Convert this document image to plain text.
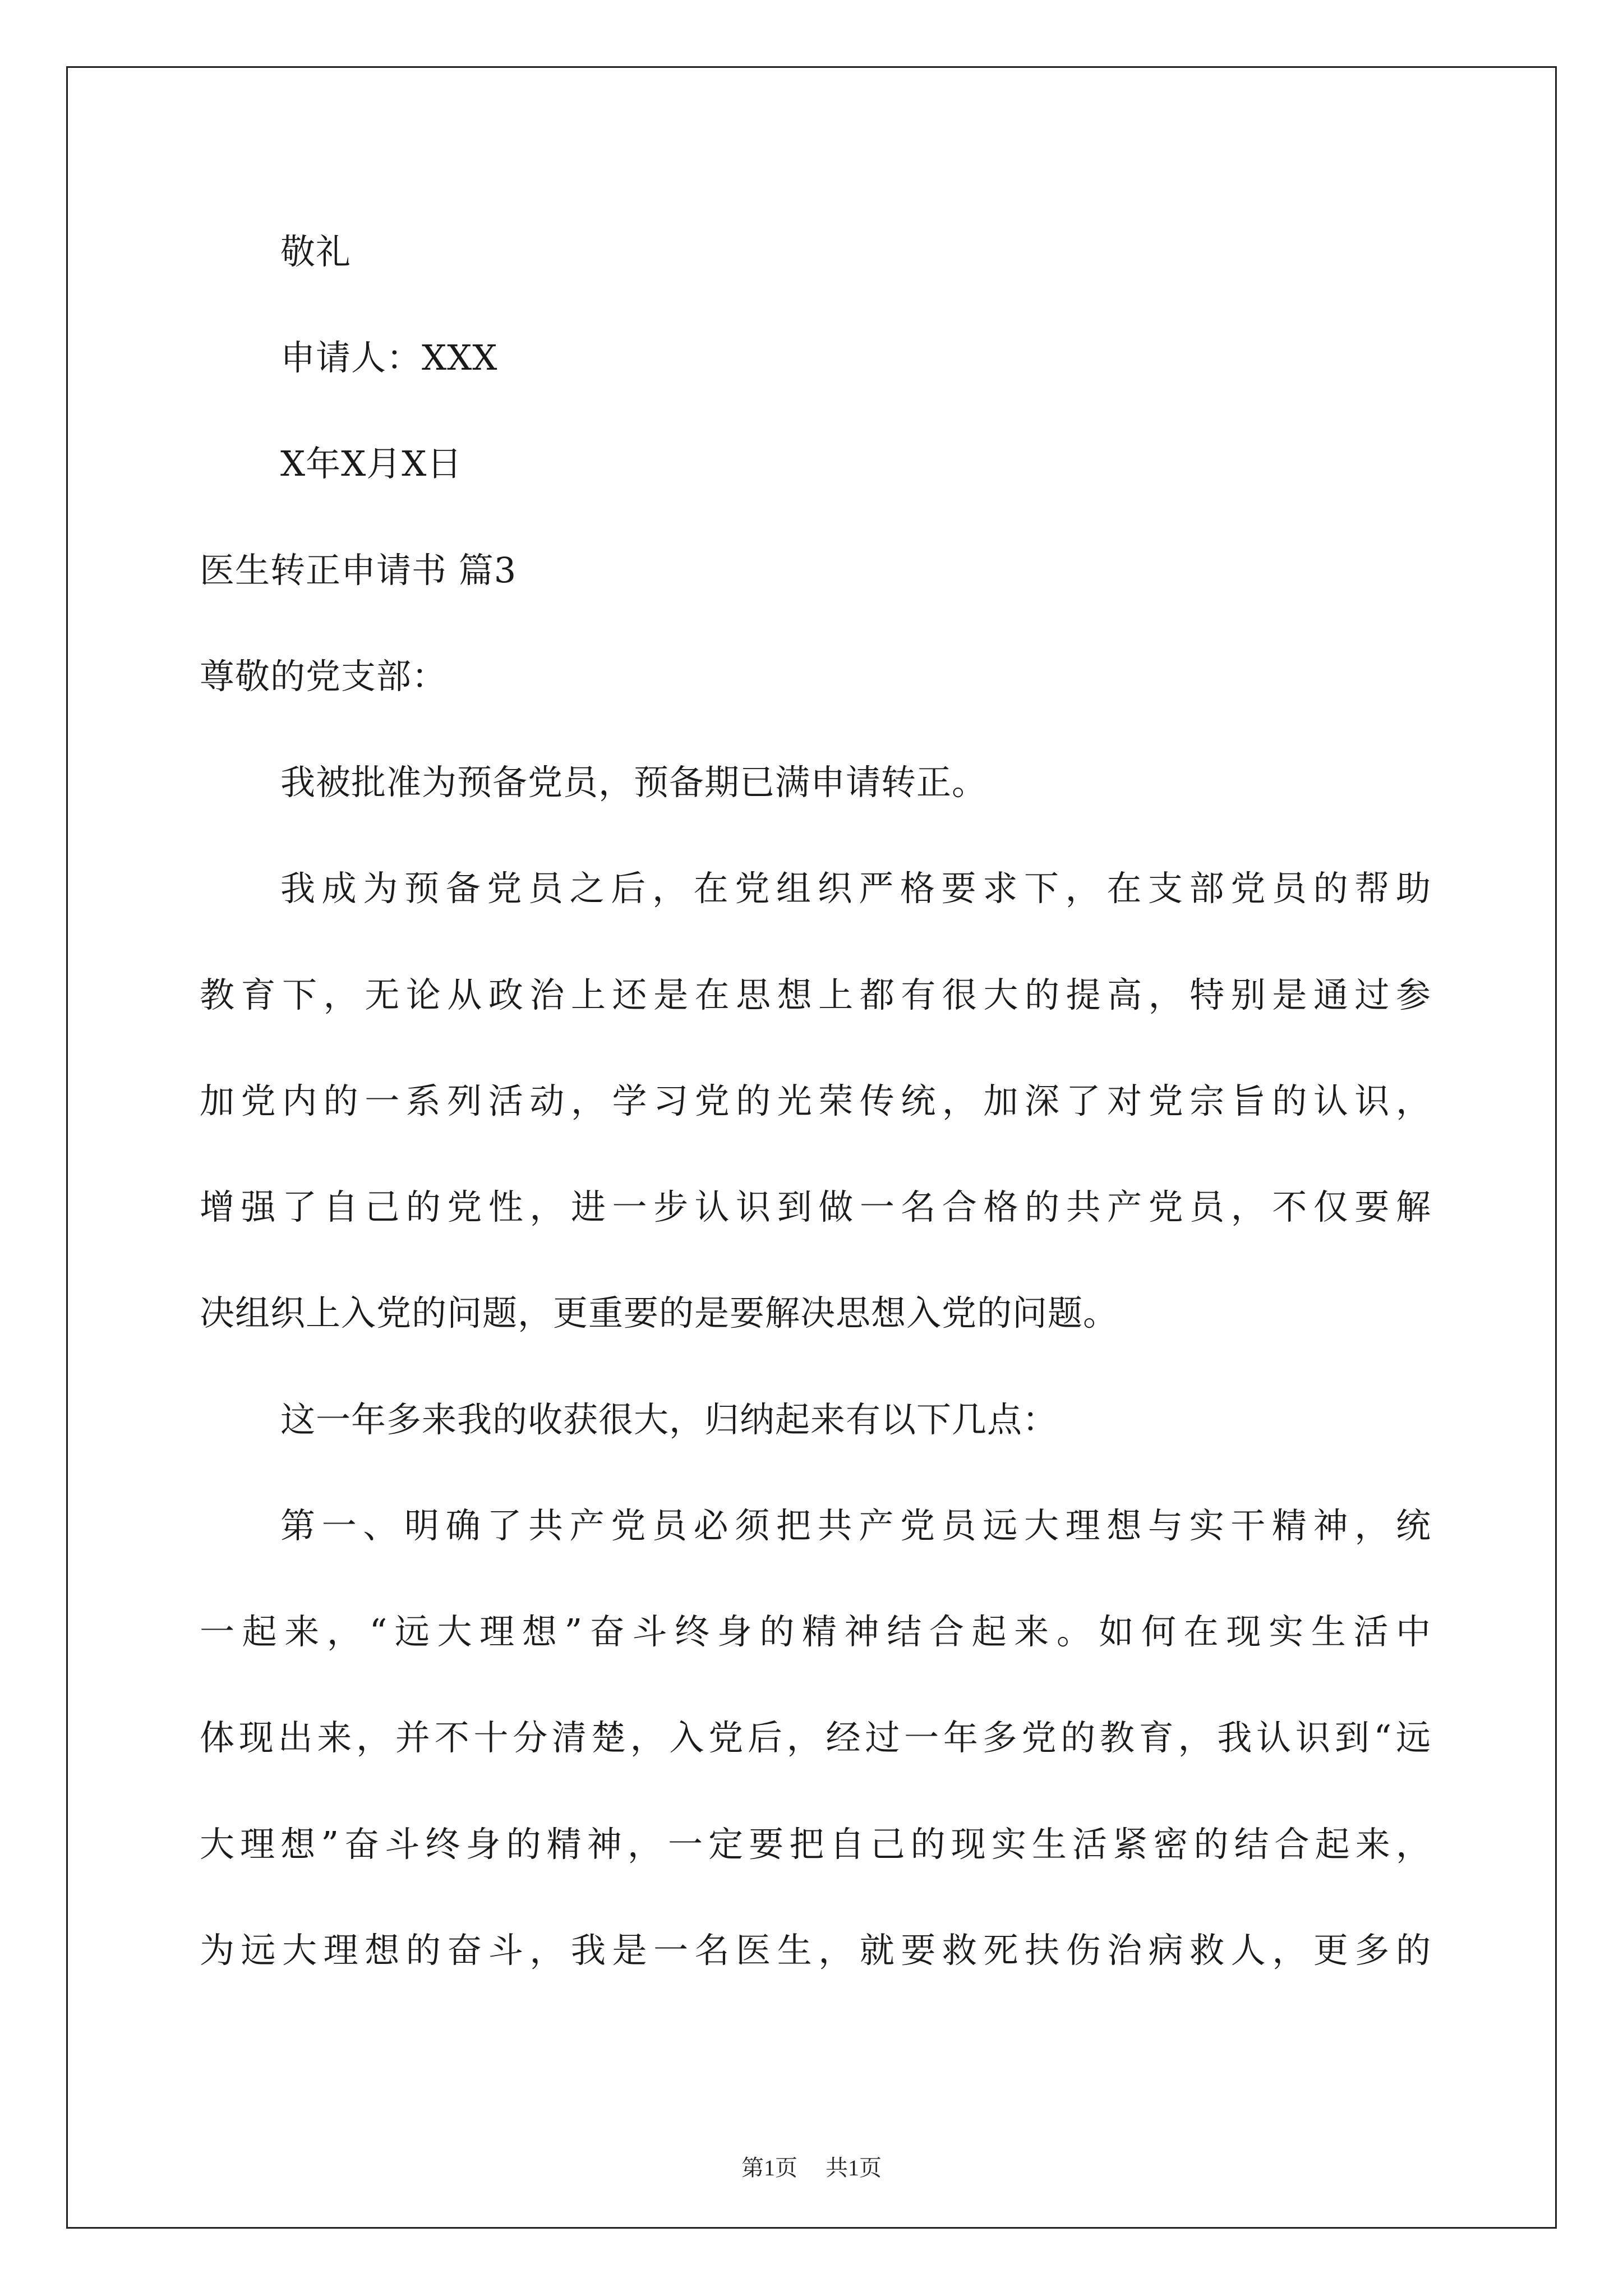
敬礼
申请人：XXX
X年X月X日
医生转正申请书 篇3
尊敬的党支部：
我被批准为预备党员，预备期已满申请转正。
我成为预备党员之后，在党组织严格要求下，在支部党员的帮助
教育下，无论从政治上还是在思想上都有很大的提高，特别是通过参
加党内的一系列活动，学习党的光荣传统，加深了对党宗旨的认识，
增强了自己的党性，进一步认识到做一名合格的共产党员，不仅要解
决组织上入党的问题，更重要的是要解决思想入党的问题。
这一年多来我的收获很大，归纳起来有以下几点：
第一、明确了共产党员必须把共产党员远大理想与实干精神，统
一起来，“远大理想”奋斗终身的精神结合起来。如何在现实生活中
体现出来，并不十分清楚，入党后，经过一年多党的教育，我认识到“远
大理想”奋斗终身的精神，一定要把自己的现实生活紧密的结合起来，
为远大理想的奋斗，我是一名医生，就要救死扶伤治病救人，更多的
第1页 共1页
